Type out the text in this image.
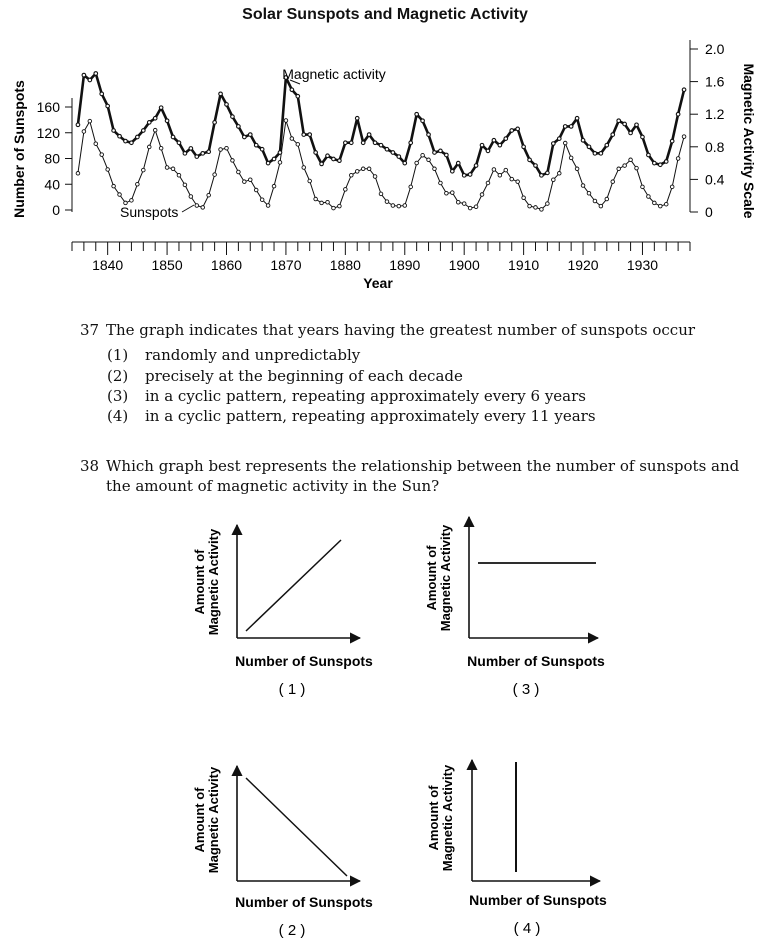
Solar Sunspots and Magnetic Activity
0
40
80
120
160
0
0.4
0.8
1.2
1.6
2.0
1840 1850 1860 1870 1880 1890 1900 1910 1920 1930
Number of Sunspots	Magnetic Activity Scale
Year
Magnetic activity
Sunspots
37 The graph indicates that years having the greatest number of sunspots occur
(1) randomly and unpredictably
(2) precisely at the beginning of each decade
(3) in a cyclic pattern, repeating approximately every 6 years
(4) in a cyclic pattern, repeating approximately every 11 years
38 Which graph best represents the relationship between the number of sunspots and
the amount of magnetic activity in the Sun?
Amount of Magnetic Activity
Number of Sunspots
( 1 )
Amount of Magnetic Activity
Number of Sunspots
( 3 )
Amount of Magnetic Activity
Number of Sunspots
( 2 )
Amount of Magnetic Activity
Number of Sunspots
( 4 )
